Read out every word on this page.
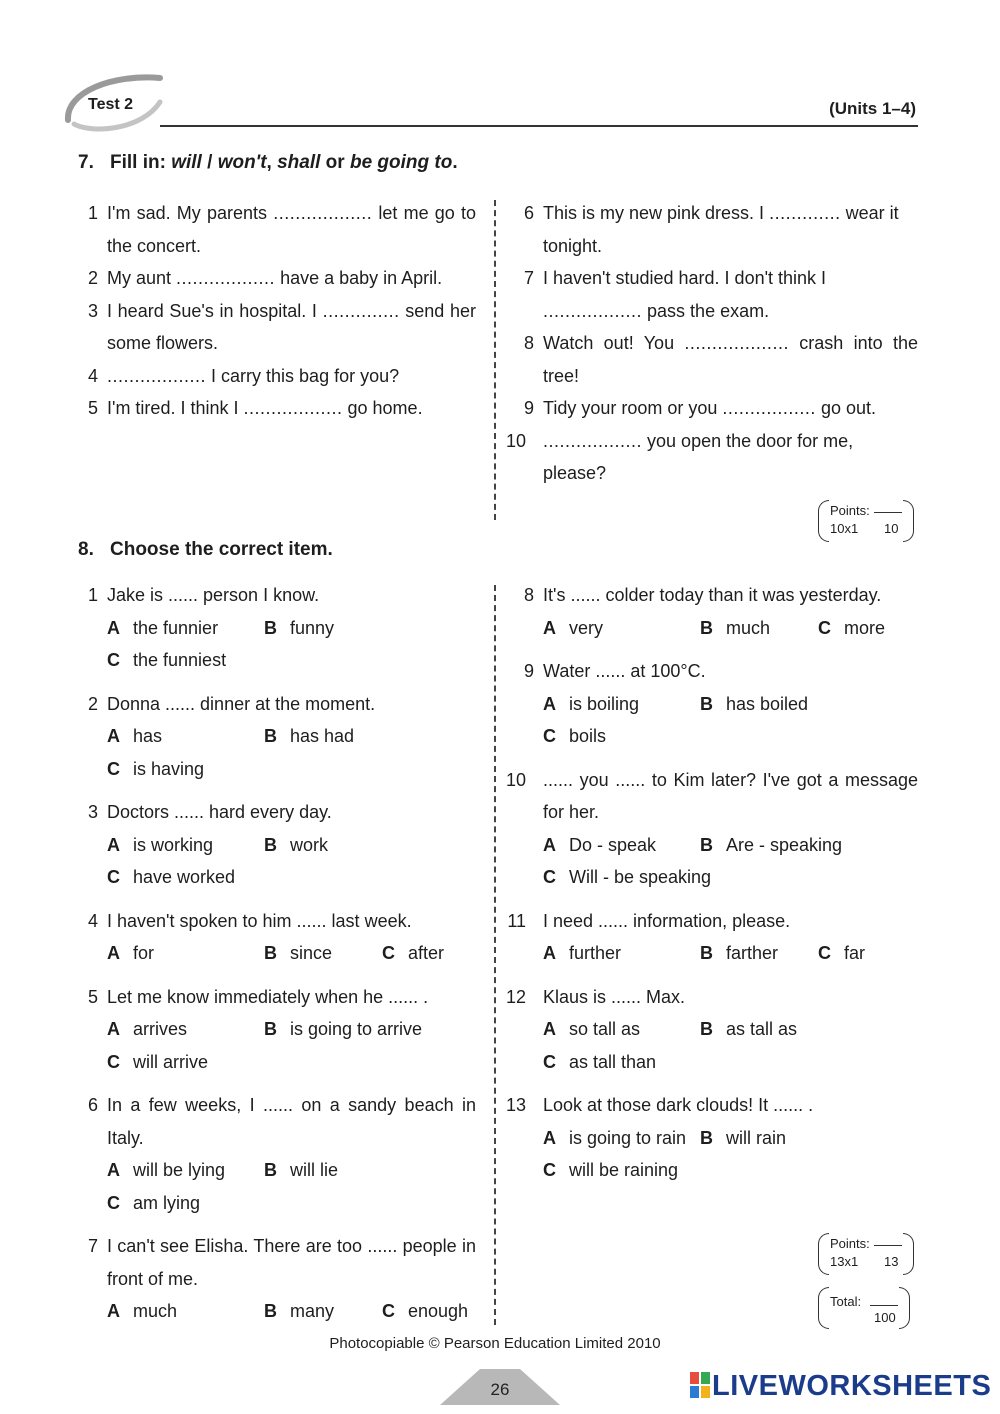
Test 2	(Units 1–4)
7. Fill in: will / won't, shall or be going to.
1 I'm sad. My parents .................. let me go to the concert.
2 My aunt .................. have a baby in April.
3 I heard Sue's in hospital. I .............. send her some flowers.
4 .................. I carry this bag for you?
5 I'm tired. I think I .................. go home.
6 This is my new pink dress. I ............. wear it tonight.
7 I haven't studied hard. I don't think I .................. pass the exam.
8 Watch out! You ................... crash into the tree!
9 Tidy your room or you ................. go out.
10 .................. you open the door for me, please?
Points:
10x1 10
8. Choose the correct item.
1 Jake is ...... person I know.
A the funnier	B funny
C the funniest
2 Donna ...... dinner at the moment.
A has	B has had
C is having
3 Doctors ...... hard every day.
A is working	B work
C have worked
4 I haven't spoken to him ...... last week.
A for	B since	C after
5 Let me know immediately when he ...... .
A arrives	B is going to arrive
C will arrive
6 In a few weeks, I ...... on a sandy beach in Italy.
A will be lying	B will lie
C am lying
7 I can't see Elisha. There are too ...... people in front of me.
A much	B many	C enough
8 It's ...... colder today than it was yesterday.
A very	B much	C more
9 Water ...... at 100°C.
A is boiling	B has boiled
C boils
10 ...... you ...... to Kim later? I've got a message for her.
A Do - speak	B Are - speaking
C Will - be speaking
11 I need ...... information, please.
A further	B farther	C far
12 Klaus is ...... Max.
A so tall as	B as tall as
C as tall than
13 Look at those dark clouds! It ...... .
A is going to rain B will rain
C will be raining
Points:
13x1 13
Total:
100
Photocopiable © Pearson Education Limited 2010
26	LIVEWORKSHEETS
